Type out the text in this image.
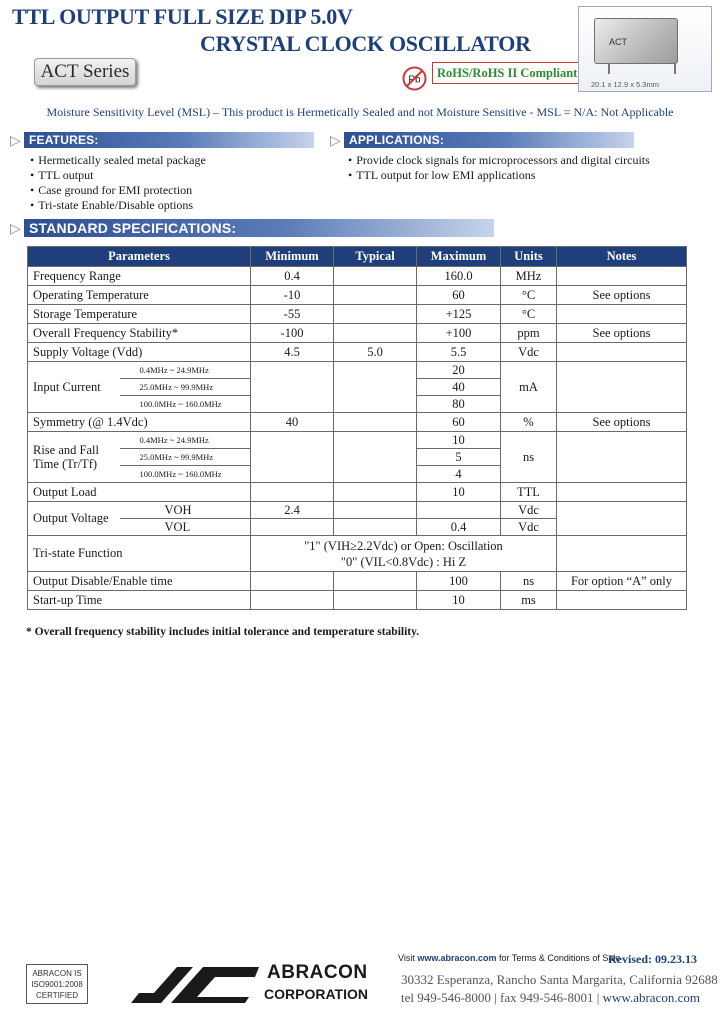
TTL OUTPUT FULL SIZE DIP 5.0V
CRYSTAL CLOCK OSCILLATOR
ACT Series	Pb
RoHS/RoHS II Compliant
ACT
20.1 x 12.9 x 5.3mm
Moisture Sensitivity Level (MSL) – This product is Hermetically Sealed and not Moisture Sensitive - MSL = N/A: Not Applicable
▷ FEATURES:
• Hermetically sealed metal package
• TTL output
• Case ground for EMI protection
• Tri-state Enable/Disable options
▷ APPLICATIONS:
• Provide clock signals for microprocessors and digital circuits
• TTL output for low EMI applications
▷ STANDARD SPECIFICATIONS:
Parameters		Minimum	Typical	Maximum	Units	Notes
Frequency Range		0.4		160.0	MHz	
Operating Temperature		-10		60	°C	See options
Storage Temperature		-55		+125	°C	
Overall Frequency Stability*		-100		+100	ppm	See options
Supply Voltage (Vdd)		4.5	5.0	5.5	Vdc	
Input Current	0.4MHz ~ 24.9MHz			20	mA	
	25.0MHz ~ 99.9MHz			40		
	100.0MHz ~ 160.0MHz			80		
Symmetry (@ 1.4Vdc)		40		60	%	See options
Rise and Fall
Time (Tr/Tf)	0.4MHz ~ 24.9MHz			10	ns	
	25.0MHz ~ 99.9MHz			5		
	100.0MHz ~ 160.0MHz			4		
Output Load				10	TTL	
Output Voltage	VOH	2.4			Vdc	
	VOL			0.4	Vdc	
Tri-state Function		"1" (VIH≥2.2Vdc) or Open: Oscillation
"0" (VIL<0.8Vdc) : Hi Z				
Output Disable/Enable time				100	ns	For option “A” only
Start-up Time				10	ms	
* Overall frequency stability includes initial tolerance and temperature stability.
Visit www.abracon.com for Terms & Conditions of Sale
Revised: 09.23.13
30332 Esperanza, Rancho Santa Margarita, California 92688
tel 949-546-8000 | fax 949-546-8001 | www.abracon.com
ABRACON IS
ISO9001:2008
CERTIFIED
ABRACON
CORPORATION
